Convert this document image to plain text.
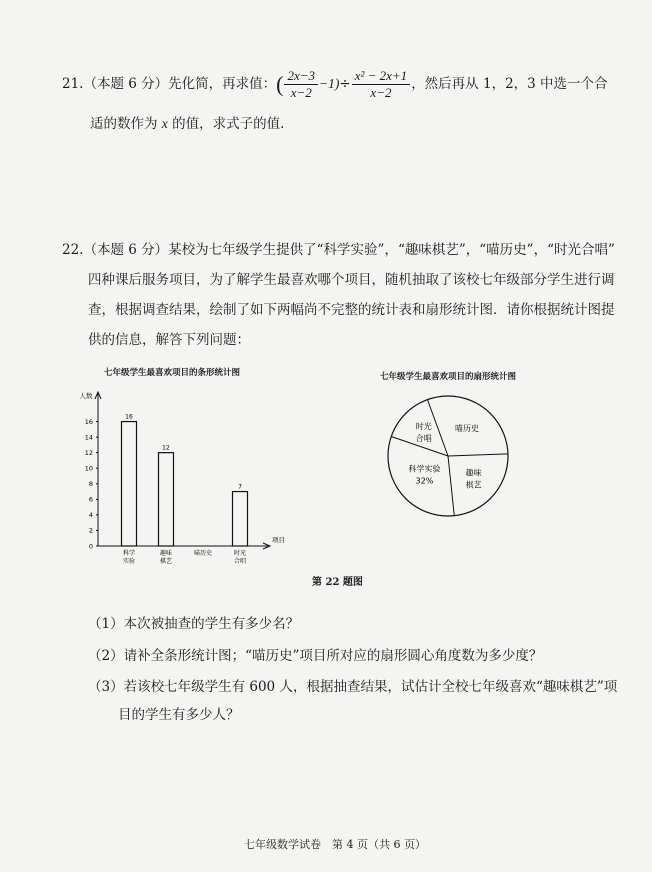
21.（本题 6 分）先化简，再求值：( $\frac{2x-3}{x-2} -1)\div \frac{\text{x² − 2x+1}}{x-2}$ ，然后再从 1，2，3 中选一个合
适的数作为 x 的值，求式子的值.
22.（本题 6 分）某校为七年级学生提供了“科学实验”，“趣味棋艺”，“喵历史”，“时光合唱”
四种课后服务项目，为了解学生最喜欢哪个项目，随机抽取了该校七年级部分学生进行调
查，根据调查结果，绘制了如下两幅尚不完整的统计表和扇形统计图．请你根据统计图提
供的信息，解答下列问题：
七年级学生最喜欢项目的条形统计图	七年级学生最喜欢项目的扇形统计图
人数
项目
0
2
4
6
8
10
12
14
16
16
科学
实验
12
趣味
棋艺
喵历史
7
时光
合唱
科学实验
32%
趣味
棋艺
喵历史
时光
合唱
第 22 题图
（1）本次被抽查的学生有多少名？
（2）请补全条形统计图；“喵历史”项目所对应的扇形圆心角度数为多少度？
（3）若该校七年级学生有 600 人，根据抽查结果，试估计全校七年级喜欢“趣味棋艺”项
目的学生有多少人？
七年级数学试卷　第 4 页（共 6 页）
